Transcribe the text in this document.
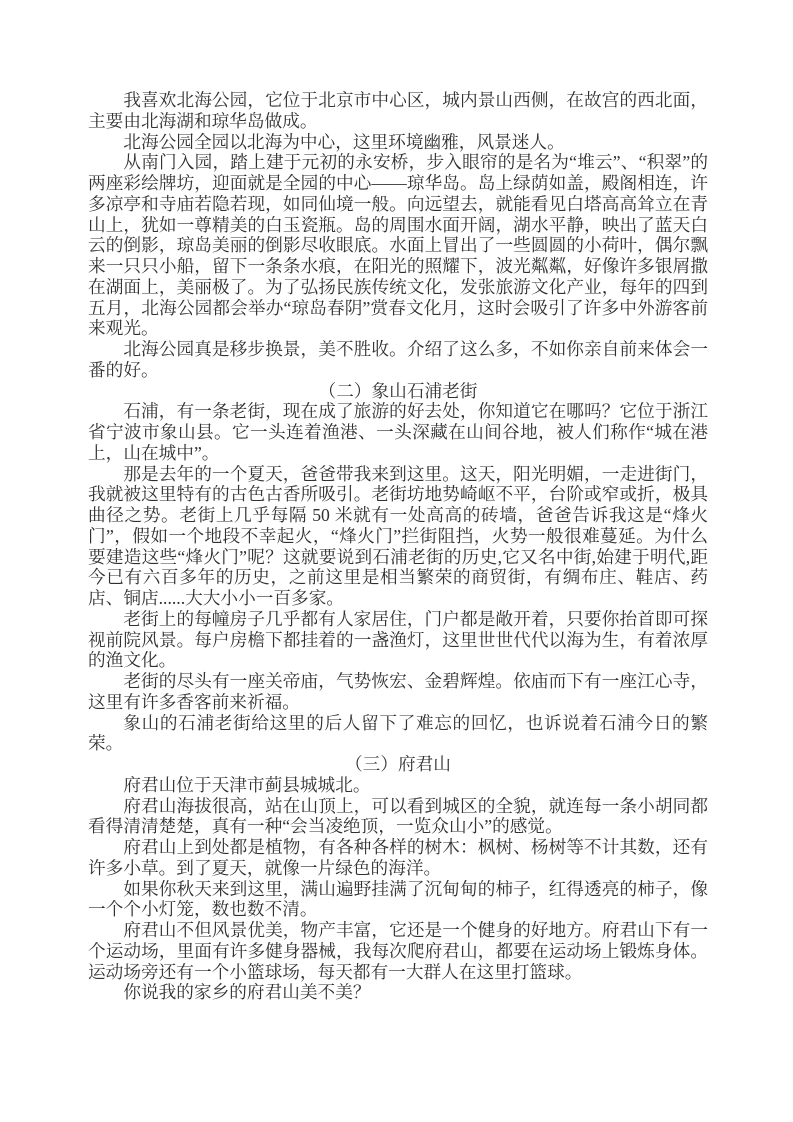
我喜欢北海公园，它位于北京市中心区，城内景山西侧，在故宫的西北面，主要由北海湖和琼华岛做成。

北海公园全园以北海为中心，这里环境幽雅，风景迷人。

从南门入园，踏上建于元初的永安桥，步入眼帘的是名为“堆云”、“积翠”的两座彩绘牌坊，迎面就是全园的中心——琼华岛。岛上绿荫如盖，殿阁相连，许多凉亭和寺庙若隐若现，如同仙境一般。向远望去，就能看见白塔高高耸立在青山上，犹如一尊精美的白玉瓷瓶。岛的周围水面开阔，湖水平静，映出了蓝天白云的倒影，琼岛美丽的倒影尽收眼底。水面上冒出了一些圆圆的小荷叶，偶尔飘来一只只小船，留下一条条水痕，在阳光的照耀下，波光粼粼，好像许多银屑撒在湖面上，美丽极了。为了弘扬民族传统文化，发张旅游文化产业，每年的四到五月，北海公园都会举办“琼岛春阴”赏春文化月，这时会吸引了许多中外游客前来观光。

北海公园真是移步换景，美不胜收。介绍了这么多，不如你亲自前来体会一番的好。

（二）象山石浦老街

石浦，有一条老街，现在成了旅游的好去处，你知道它在哪吗？它位于浙江省宁波市象山县。它一头连着渔港、一头深藏在山间谷地，被人们称作“城在港上，山在城中”。

那是去年的一个夏天，爸爸带我来到这里。这天，阳光明媚，一走进街门，我就被这里特有的古色古香所吸引。老街坊地势崎岖不平，台阶或窄或折，极具曲径之势。老街上几乎每隔 50 米就有一处高高的砖墙，爸爸告诉我这是“烽火门”，假如一个地段不幸起火，“烽火门”拦街阻挡，火势一般很难蔓延。为什么要建造这些“烽火门”呢？这就要说到石浦老街的历史,它又名中街,始建于明代,距今已有六百多年的历史，之前这里是相当繁荣的商贸街，有绸布庄、鞋店、药店、铜店......大大小小一百多家。

老街上的每幢房子几乎都有人家居住，门户都是敞开着，只要你抬首即可探视前院风景。每户房檐下都挂着的一盏渔灯，这里世世代代以海为生，有着浓厚的渔文化。

老街的尽头有一座关帝庙，气势恢宏、金碧辉煌。依庙而下有一座江心寺，这里有许多香客前来祈福。

象山的石浦老街给这里的后人留下了难忘的回忆，也诉说着石浦今日的繁荣。

（三）府君山

府君山位于天津市蓟县城城北。

府君山海拔很高，站在山顶上，可以看到城区的全貌，就连每一条小胡同都看得清清楚楚，真有一种“会当凌绝顶，一览众山小”的感觉。

府君山上到处都是植物，有各种各样的树木：枫树、杨树等不计其数，还有许多小草。到了夏天，就像一片绿色的海洋。

如果你秋天来到这里，满山遍野挂满了沉甸甸的柿子，红得透亮的柿子，像一个个小灯笼，数也数不清。

府君山不但风景优美，物产丰富，它还是一个健身的好地方。府君山下有一个运动场，里面有许多健身器械，我每次爬府君山，都要在运动场上锻炼身体。运动场旁还有一个小篮球场，每天都有一大群人在这里打篮球。

你说我的家乡的府君山美不美？
